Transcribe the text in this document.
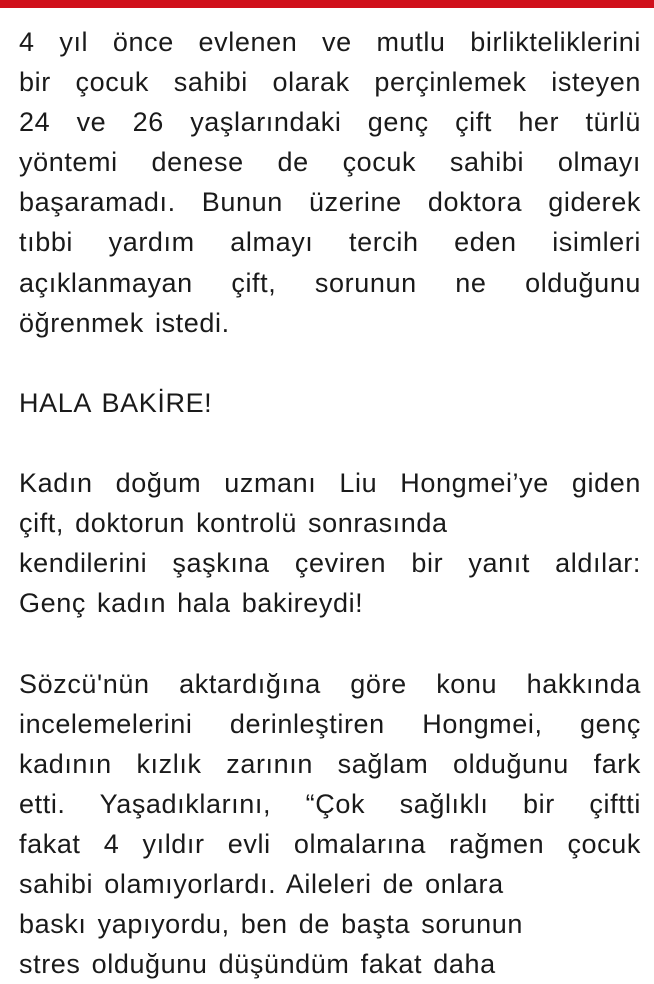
4 yıl önce evlenen ve mutlu birlikteliklerini
bir çocuk sahibi olarak perçinlemek isteyen
24 ve 26 yaşlarındaki genç çift her türlü
yöntemi denese de çocuk sahibi olmayı
başaramadı. Bunun üzerine doktora giderek
tıbbi yardım almayı tercih eden isimleri
açıklanmayan çift, sorunun ne olduğunu
öğrenmek istedi.
HALA BAKİRE!
Kadın doğum uzmanı Liu Hongmei’ye giden
çift, doktorun kontrolü sonrasında
kendilerini şaşkına çeviren bir yanıt aldılar:
Genç kadın hala bakireydi!
Sözcü'nün aktardığına göre konu hakkında
incelemelerini derinleştiren Hongmei, genç
kadının kızlık zarının sağlam olduğunu fark
etti. Yaşadıklarını, “Çok sağlıklı bir çiftti
fakat 4 yıldır evli olmalarına rağmen çocuk
sahibi olamıyorlardı. Aileleri de onlara
baskı yapıyordu, ben de başta sorunun
stres olduğunu düşündüm fakat daha
